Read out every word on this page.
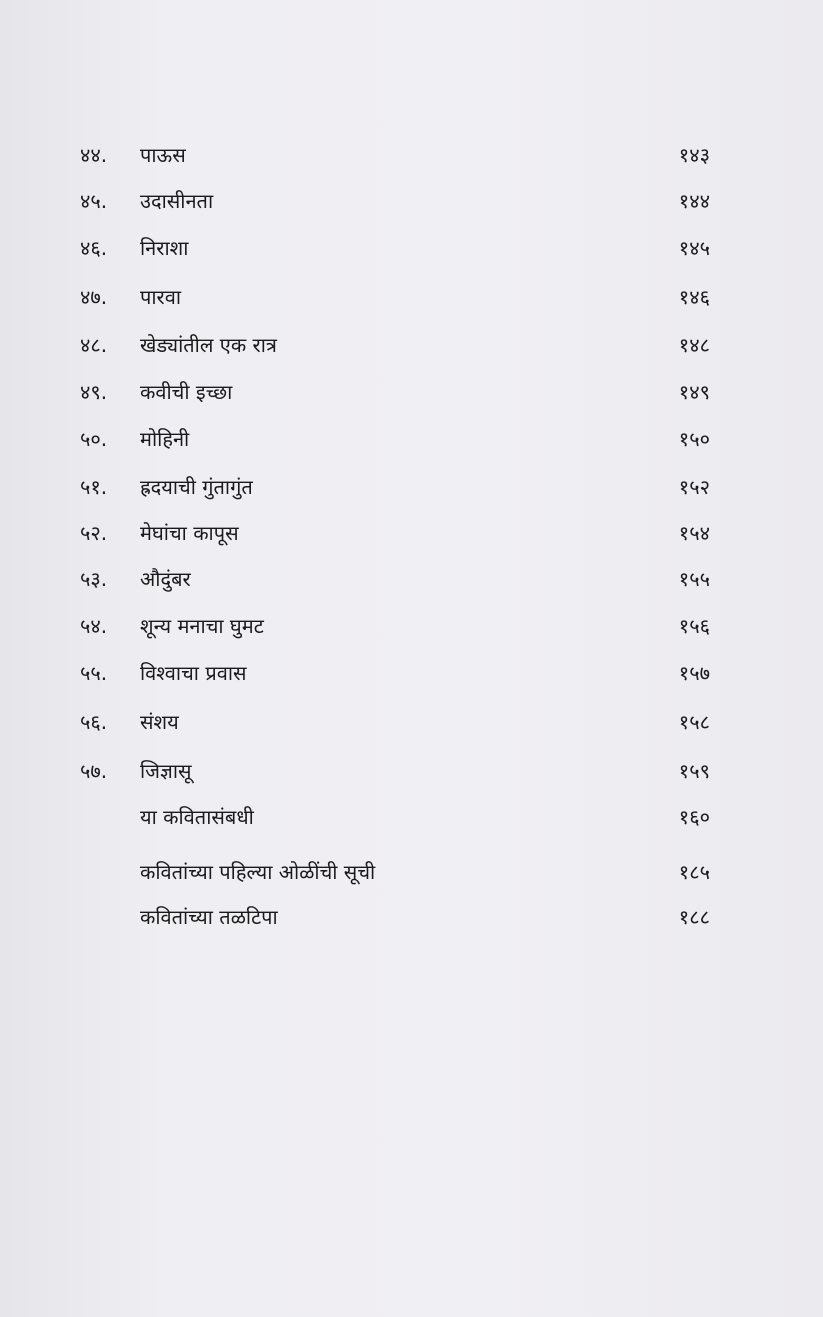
४४.	पाऊस	१४३
४५.	उदासीनता	१४४
४६.	निराशा	१४५
४७.	पारवा	१४६
४८.	खेड्यांतील एक रात्र	१४८
४९.	कवीची इच्छा	१४९
५०.	मोहिनी	१५०
५१.	ह्रदयाची गुंतागुंत	१५२
५२.	मेघांचा कापूस	१५४
५३.	औदुंबर	१५५
५४.	शून्य मनाचा घुमट	१५६
५५.	विश्वाचा प्रवास	१५७
५६.	संशय	१५८
५७.	जिज्ञासू	१५९
या कवितासंबधी	१६०
कवितांच्या पहिल्या ओळींची सूची	१८५
कवितांच्या तळटिपा	१८८
